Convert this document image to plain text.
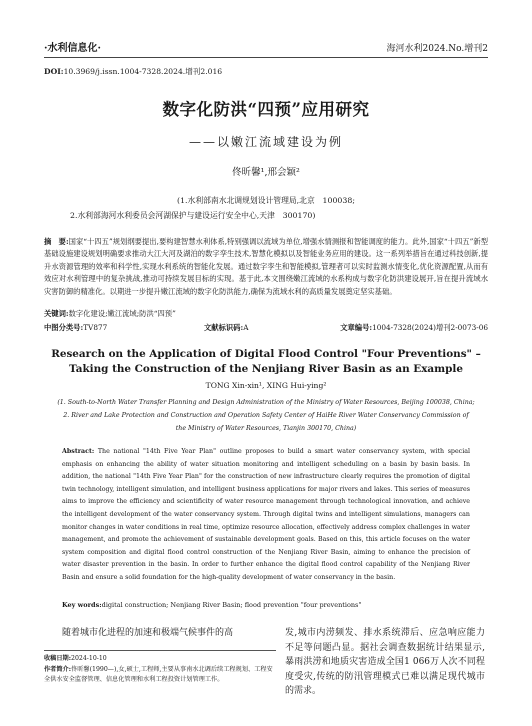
·水利信息化·	海河水利2024.No.增刊2
DOI:10.3969/j.issn.1004-7328.2024.增刊2.016
数字化防洪“四预”应用研究
——以嫩江流域建设为例
佟昕馨¹,邢会颖²
(1.水利部南水北调规划设计管理局,北京　100038;
2.水利部海河水利委员会河湖保护与建设运行安全中心,天津　300170)
摘　要:国家“十四五”规划纲要提出,要构建智慧水利体系,特别强调以流域为单位,增强水情测报和智能调度的能力。此外,国家“十四五”新型基础设施建设规划明确要求推动大江大河及湖泊的数字孪生技术,智慧化模拟以及智能业务应用的建设。这一系列举措旨在通过科技创新,提升水资源管理的效率和科学性,实现水利系统的智能化发展。通过数字孪生和智能模拟,管理者可以实时监测水情变化,优化资源配置,从而有效应对水利管理中的复杂挑战,推动可持续发展目标的实现。基于此,本文围绕嫩江流域的水系构成与数字化防洪建设展开,旨在提升流域水灾害防御的精准化。以期进一步提升嫩江流域的数字化防洪能力,确保为流域水利的高质量发展奠定坚实基础。
关键词:数字化建设;嫩江流域;防洪“四预”
中图分类号:TV877	文献标识码:A	文章编号:1004-7328(2024)增刊2-0073-06
Research on the Application of Digital Flood Control "Four Preventions" – Taking the Construction of the Nenjiang River Basin as an Example
TONG Xin-xin¹, XING Hui-ying²
(1. South-to-North Water Transfer Planning and Design Administration of the Ministry of Water Resources, Beijing 100038, China;
2. River and Lake Protection and Construction and Operation Safety Center of HaiHe River Water Conservancy Commission of
the Ministry of Water Resources, Tianjin 300170, China)
Abstract: The national "14th Five Year Plan" outline proposes to build a smart water conservancy system, with special emphasis on enhancing the ability of water situation monitoring and intelligent scheduling on a basin by basin basis. In addition, the national "14th Five Year Plan" for the construction of new infrastructure clearly requires the promotion of digital twin technology, intelligent simulation, and intelligent business applications for major rivers and lakes. This series of measures aims to improve the efficiency and scientificity of water resource management through technological innovation, and achieve the intelligent development of the water conservancy system. Through digital twins and intelligent simulations, managers can monitor changes in water conditions in real time, optimize resource allocation, effectively address complex challenges in water management, and promote the achievement of sustainable development goals. Based on this, this article focuses on the water system composition and digital flood control construction of the Nenjiang River Basin, aiming to enhance the precision of water disaster prevention in the basin. In order to further enhance the digital flood control capability of the Nenjiang River Basin and ensure a solid foundation for the high-quality development of water conservancy in the basin.
Key words:digital construction; Nenjiang River Basin; flood prevention "four preventions"
随着城市化进程的加速和极端气候事件的高	发,城市内涝频发、排水系统滞后、应急响应能力不足等问题凸显。据社会调查数据统计结果显示,暴雨洪涝和地质灾害造成全国1 066万人次不同程度受灾,传统的防汛管理模式已难以满足现代城市的需求。
收稿日期:2024-10-10
作者简介:佟昕馨(1990—),女,硕士,工程师,主要从事南水北调后续工程规划、工程安全供水安全监督管理、信息化管理和水利工程投资计划管理工作。
